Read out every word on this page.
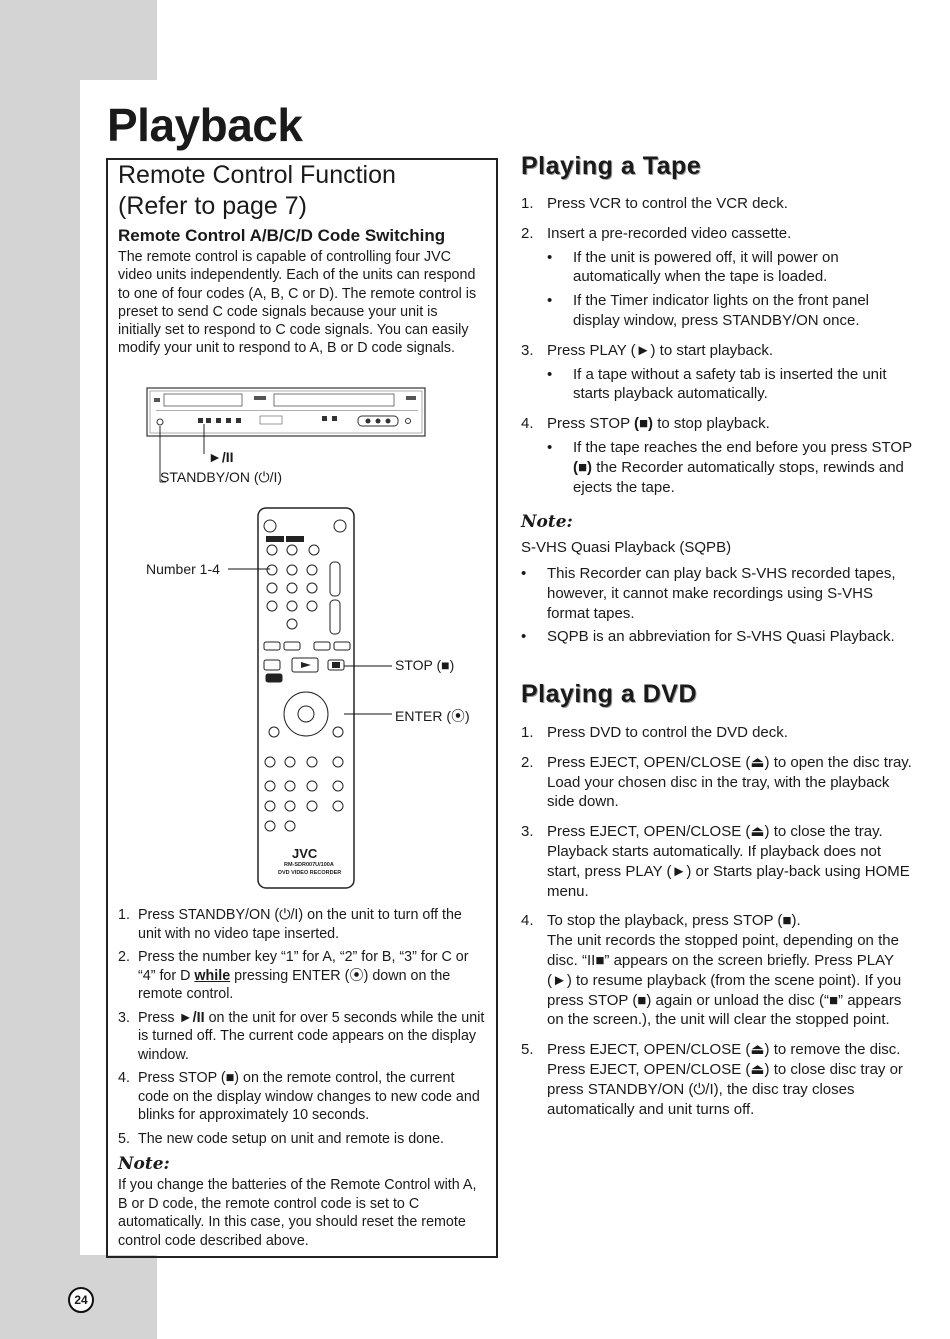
Playback
Remote Control Function
(Refer to page 7)
Remote Control A/B/C/D Code Switching
The remote control is capable of controlling four JVC video units independently. Each of the units can respond to one of four codes (A, B, C or D). The remote control is preset to send C code signals because your unit is initially set to respond to C code signals. You can easily modify your unit to respond to A, B or D code signals.
►/II
STANDBY/ON (⏻/I)
JVC
RM-SDR007U/100A
DVD VIDEO RECORDER
Number 1-4
STOP (■)
ENTER (⦿)
1. Press STANDBY/ON (⏻/I) on the unit to turn off the unit with no video tape inserted.
2. Press the number key “1” for A, “2” for B, “3” for C or “4” for D while pressing ENTER (⦿) down on the remote control.
3. Press ►/II on the unit for over 5 seconds while the unit is turned off. The current code appears on the display window.
4. Press STOP (■) on the remote control, the current code on the display window changes to new code and blinks for approximately 10 seconds.
5. The new code setup on unit and remote is done.
Note:
If you change the batteries of the Remote Control with A, B or D code, the remote control code is set to C automatically. In this case, you should reset the remote control code described above.
Playing a Tape
1. Press VCR to control the VCR deck.
2. Insert a pre-recorded video cassette.
• If the unit is powered off, it will power on automatically when the tape is loaded.
• If the Timer indicator lights on the front panel display window, press STANDBY/ON once.
3. Press PLAY (►) to start playback.
• If a tape without a safety tab is inserted the unit starts playback automatically.
4. Press STOP (■) to stop playback.
• If the tape reaches the end before you press STOP (■) the Recorder automatically stops, rewinds and ejects the tape.
Note:
S-VHS Quasi Playback (SQPB)
• This Recorder can play back S-VHS recorded tapes, however, it cannot make recordings using S-VHS format tapes.
• SQPB is an abbreviation for S-VHS Quasi Playback.
Playing a DVD
1. Press DVD to control the DVD deck.
2. Press EJECT, OPEN/CLOSE (⏏) to open the disc tray. Load your chosen disc in the tray, with the playback side down.
3. Press EJECT, OPEN/CLOSE (⏏) to close the tray. Playback starts automatically. If playback does not start, press PLAY (►) or Starts play-back using HOME menu.
4. To stop the playback, press STOP (■).
The unit records the stopped point, depending on the disc. “II■” appears on the screen briefly. Press PLAY (►) to resume playback (from the scene point). If you press STOP (■) again or unload the disc (“■” appears on the screen.), the unit will clear the stopped point.
5. Press EJECT, OPEN/CLOSE (⏏) to remove the disc.
Press EJECT, OPEN/CLOSE (⏏) to close disc tray or press STANDBY/ON (⏻/I), the disc tray closes automatically and unit turns off.
24
